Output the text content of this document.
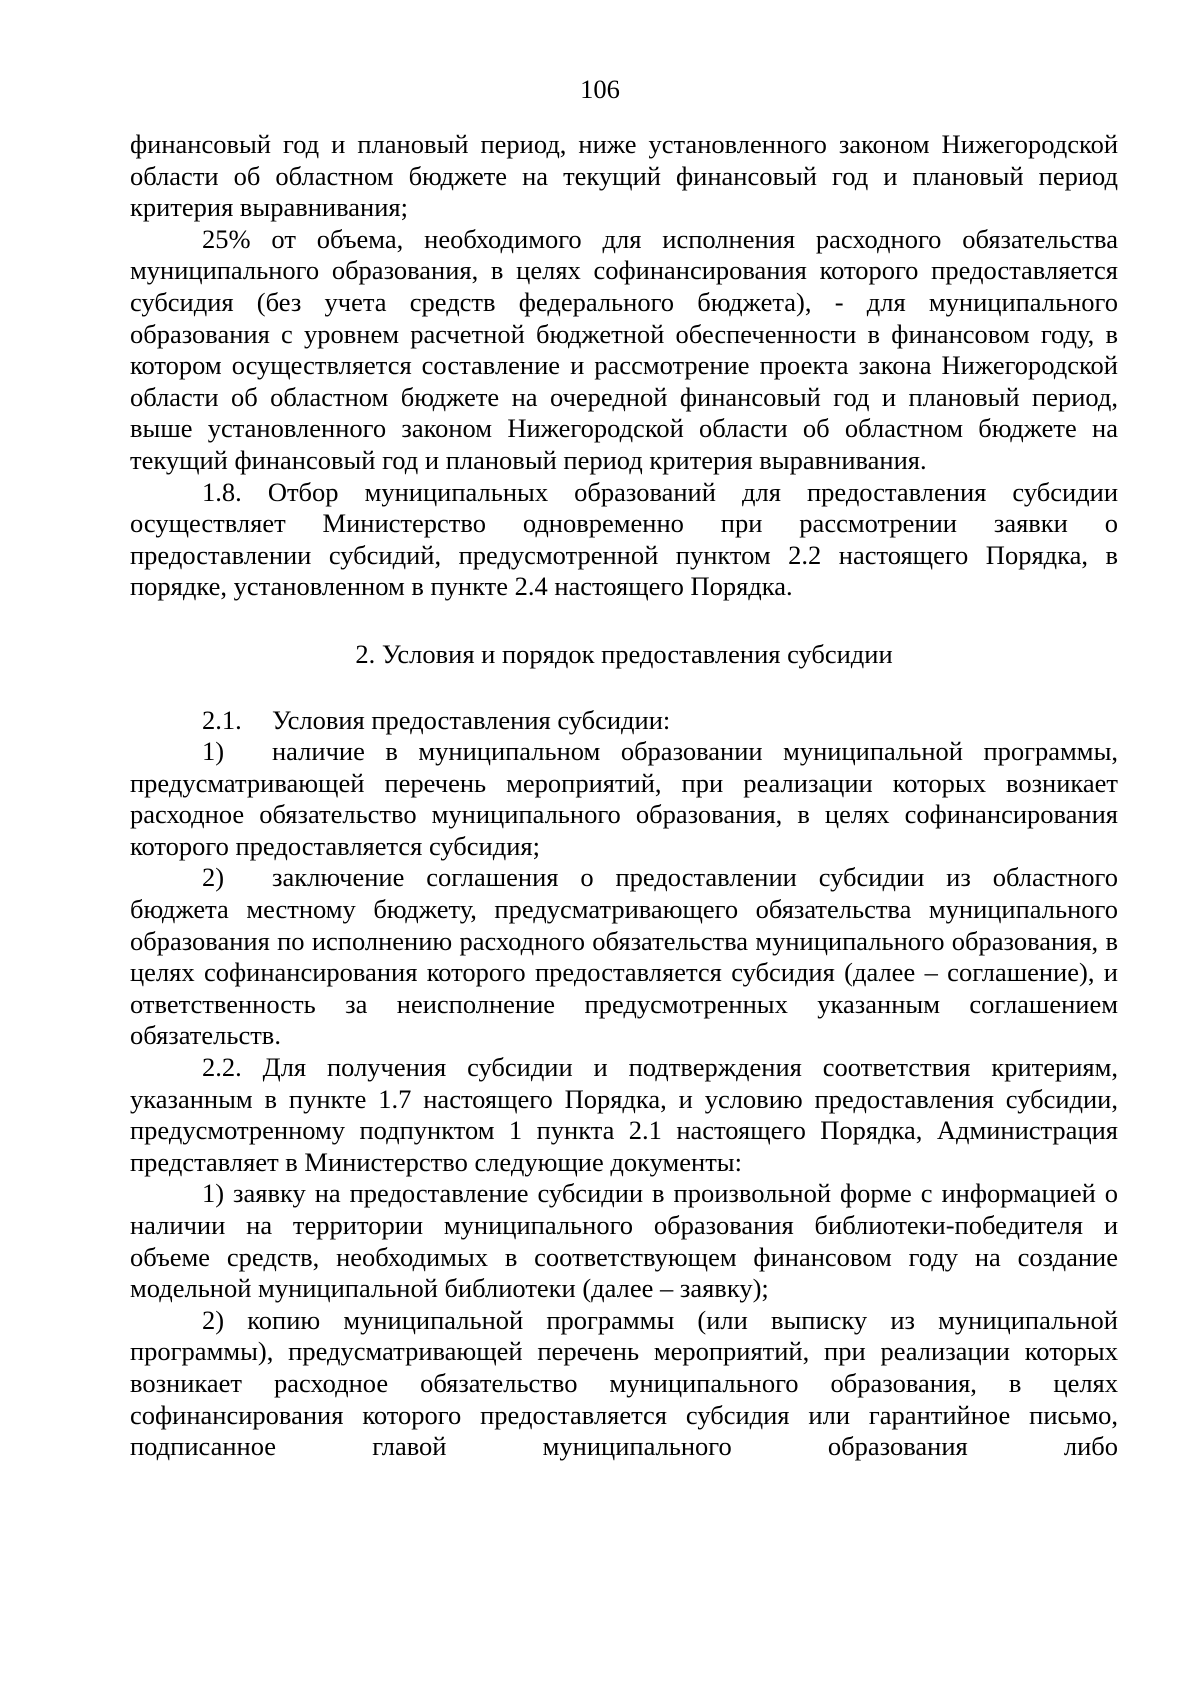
106

финансовый год и плановый период, ниже установленного законом Нижегородской области об областном бюджете на текущий финансовый год и плановый период критерия выравнивания;

25% от объема, необходимого для исполнения расходного обязательства муниципального образования, в целях софинансирования которого предоставляется субсидия (без учета средств федерального бюджета), - для муниципального образования с уровнем расчетной бюджетной обеспеченности в финансовом году, в котором осуществляется составление и рассмотрение проекта закона Нижегородской области об областном бюджете на очередной финансовый год и плановый период, выше установленного законом Нижегородской области об областном бюджете на текущий финансовый год и плановый период критерия выравнивания.

1.8. Отбор муниципальных образований для предоставления субсидии осуществляет Министерство одновременно при рассмотрении заявки о предоставлении субсидий, предусмотренной пунктом 2.2 настоящего Порядка, в порядке, установленном в пункте 2.4 настоящего Порядка.

2. Условия и порядок предоставления субсидии

2.1. Условия предоставления субсидии:

1) наличие в муниципальном образовании муниципальной программы, предусматривающей перечень мероприятий, при реализации которых возникает расходное обязательство муниципального образования, в целях софинансирования которого предоставляется субсидия;

2) заключение соглашения о предоставлении субсидии из областного бюджета местному бюджету, предусматривающего обязательства муниципального образования по исполнению расходного обязательства муниципального образования, в целях софинансирования которого предоставляется субсидия (далее – соглашение), и ответственность за неисполнение предусмотренных указанным соглашением обязательств.

2.2. Для получения субсидии и подтверждения соответствия критериям, указанным в пункте 1.7 настоящего Порядка, и условию предоставления субсидии, предусмотренному подпунктом 1 пункта 2.1 настоящего Порядка, Администрация представляет в Министерство следующие документы:

1) заявку на предоставление субсидии в произвольной форме с информацией о наличии на территории муниципального образования библиотеки-победителя и объеме средств, необходимых в соответствующем финансовом году на создание модельной муниципальной библиотеки (далее – заявку);

2) копию муниципальной программы (или выписку из муниципальной программы), предусматривающей перечень мероприятий, при реализации которых возникает расходное обязательство муниципального образования, в целях софинансирования которого предоставляется субсидия или гарантийное письмо, подписанное главой муниципального образования либо
